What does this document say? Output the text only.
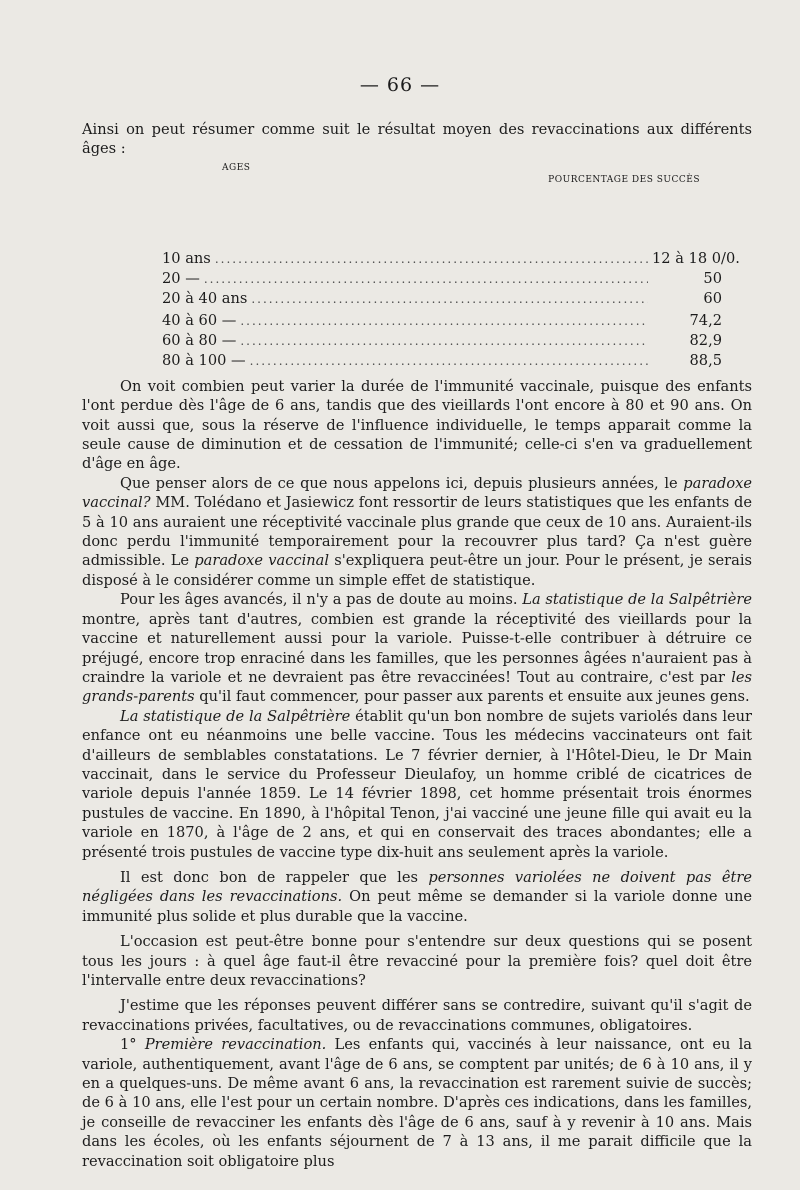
— 66 —

Ainsi on peut résumer comme suit le résultat moyen des revaccinations aux différents âges :

AGES
POURCENTAGE DES SUCCÈS
10 ans .....	12 à 18 0/0.
20 — .....	50
20 à 40 ans .....	60
40 à 60 — .....	74,2
60 à 80 — .....	82,9
80 à 100 — .....	88,5

On voit combien peut varier la durée de l'immunité vaccinale, puisque des enfants l'ont perdue dès l'âge de 6 ans, tandis que des vieillards l'ont encore à 80 et 90 ans. On voit aussi que, sous la réserve de l'influence individuelle, le temps apparait comme la seule cause de diminution et de cessation de l'immunité; celle-ci s'en va graduellement d'âge en âge.

Que penser alors de ce que nous appelons ici, depuis plusieurs années, le paradoxe vaccinal? MM. Tolédano et Jasiewicz font ressortir de leurs statistiques que les enfants de 5 à 10 ans auraient une réceptivité vaccinale plus grande que ceux de 10 ans. Auraient-ils donc perdu l'immunité temporairement pour la recouvrer plus tard? Ça n'est guère admissible. Le paradoxe vaccinal s'expliquera peut-être un jour. Pour le présent, je serais disposé à le considérer comme un simple effet de statistique.

Pour les âges avancés, il n'y a pas de doute au moins. La statistique de la Salpêtrière montre, après tant d'autres, combien est grande la réceptivité des vieillards pour la vaccine et naturellement aussi pour la variole. Puisse-t-elle contribuer à détruire ce préjugé, encore trop enraciné dans les familles, que les personnes âgées n'auraient pas à craindre la variole et ne devraient pas être revaccinées! Tout au contraire, c'est par les grands-parents qu'il faut commencer, pour passer aux parents et ensuite aux jeunes gens.

La statistique de la Salpêtrière établit qu'un bon nombre de sujets variolés dans leur enfance ont eu néanmoins une belle vaccine. Tous les médecins vaccinateurs ont fait d'ailleurs de semblables constatations. Le 7 février dernier, à l'Hôtel-Dieu, le Dr Main vaccinait, dans le service du Professeur Dieulafoy, un homme criblé de cicatrices de variole depuis l'année 1859. Le 14 février 1898, cet homme présentait trois énormes pustules de vaccine. En 1890, à l'hôpital Tenon, j'ai vacciné une jeune fille qui avait eu la variole en 1870, à l'âge de 2 ans, et qui en conservait des traces abondantes; elle a présenté trois pustules de vaccine type dix-huit ans seulement après la variole.

Il est donc bon de rappeler que les personnes variolées ne doivent pas être négligées dans les revaccinations. On peut même se demander si la variole donne une immunité plus solide et plus durable que la vaccine.

L'occasion est peut-être bonne pour s'entendre sur deux questions qui se posent tous les jours : à quel âge faut-il être revacciné pour la première fois? quel doit être l'intervalle entre deux revaccinations?

J'estime que les réponses peuvent différer sans se contredire, suivant qu'il s'agit de revaccinations privées, facultatives, ou de revaccinations communes, obligatoires.

1° Première revaccination. Les enfants qui, vaccinés à leur naissance, ont eu la variole, authentiquement, avant l'âge de 6 ans, se comptent par unités; de 6 à 10 ans, il y en a quelques-uns. De même avant 6 ans, la revaccination est rarement suivie de succès; de 6 à 10 ans, elle l'est pour un certain nombre. D'après ces indications, dans les familles, je conseille de revacciner les enfants dès l'âge de 6 ans, sauf à y revenir à 10 ans. Mais dans les écoles, où les enfants séjournent de 7 à 13 ans, il me parait difficile que la revaccination soit obligatoire plus
